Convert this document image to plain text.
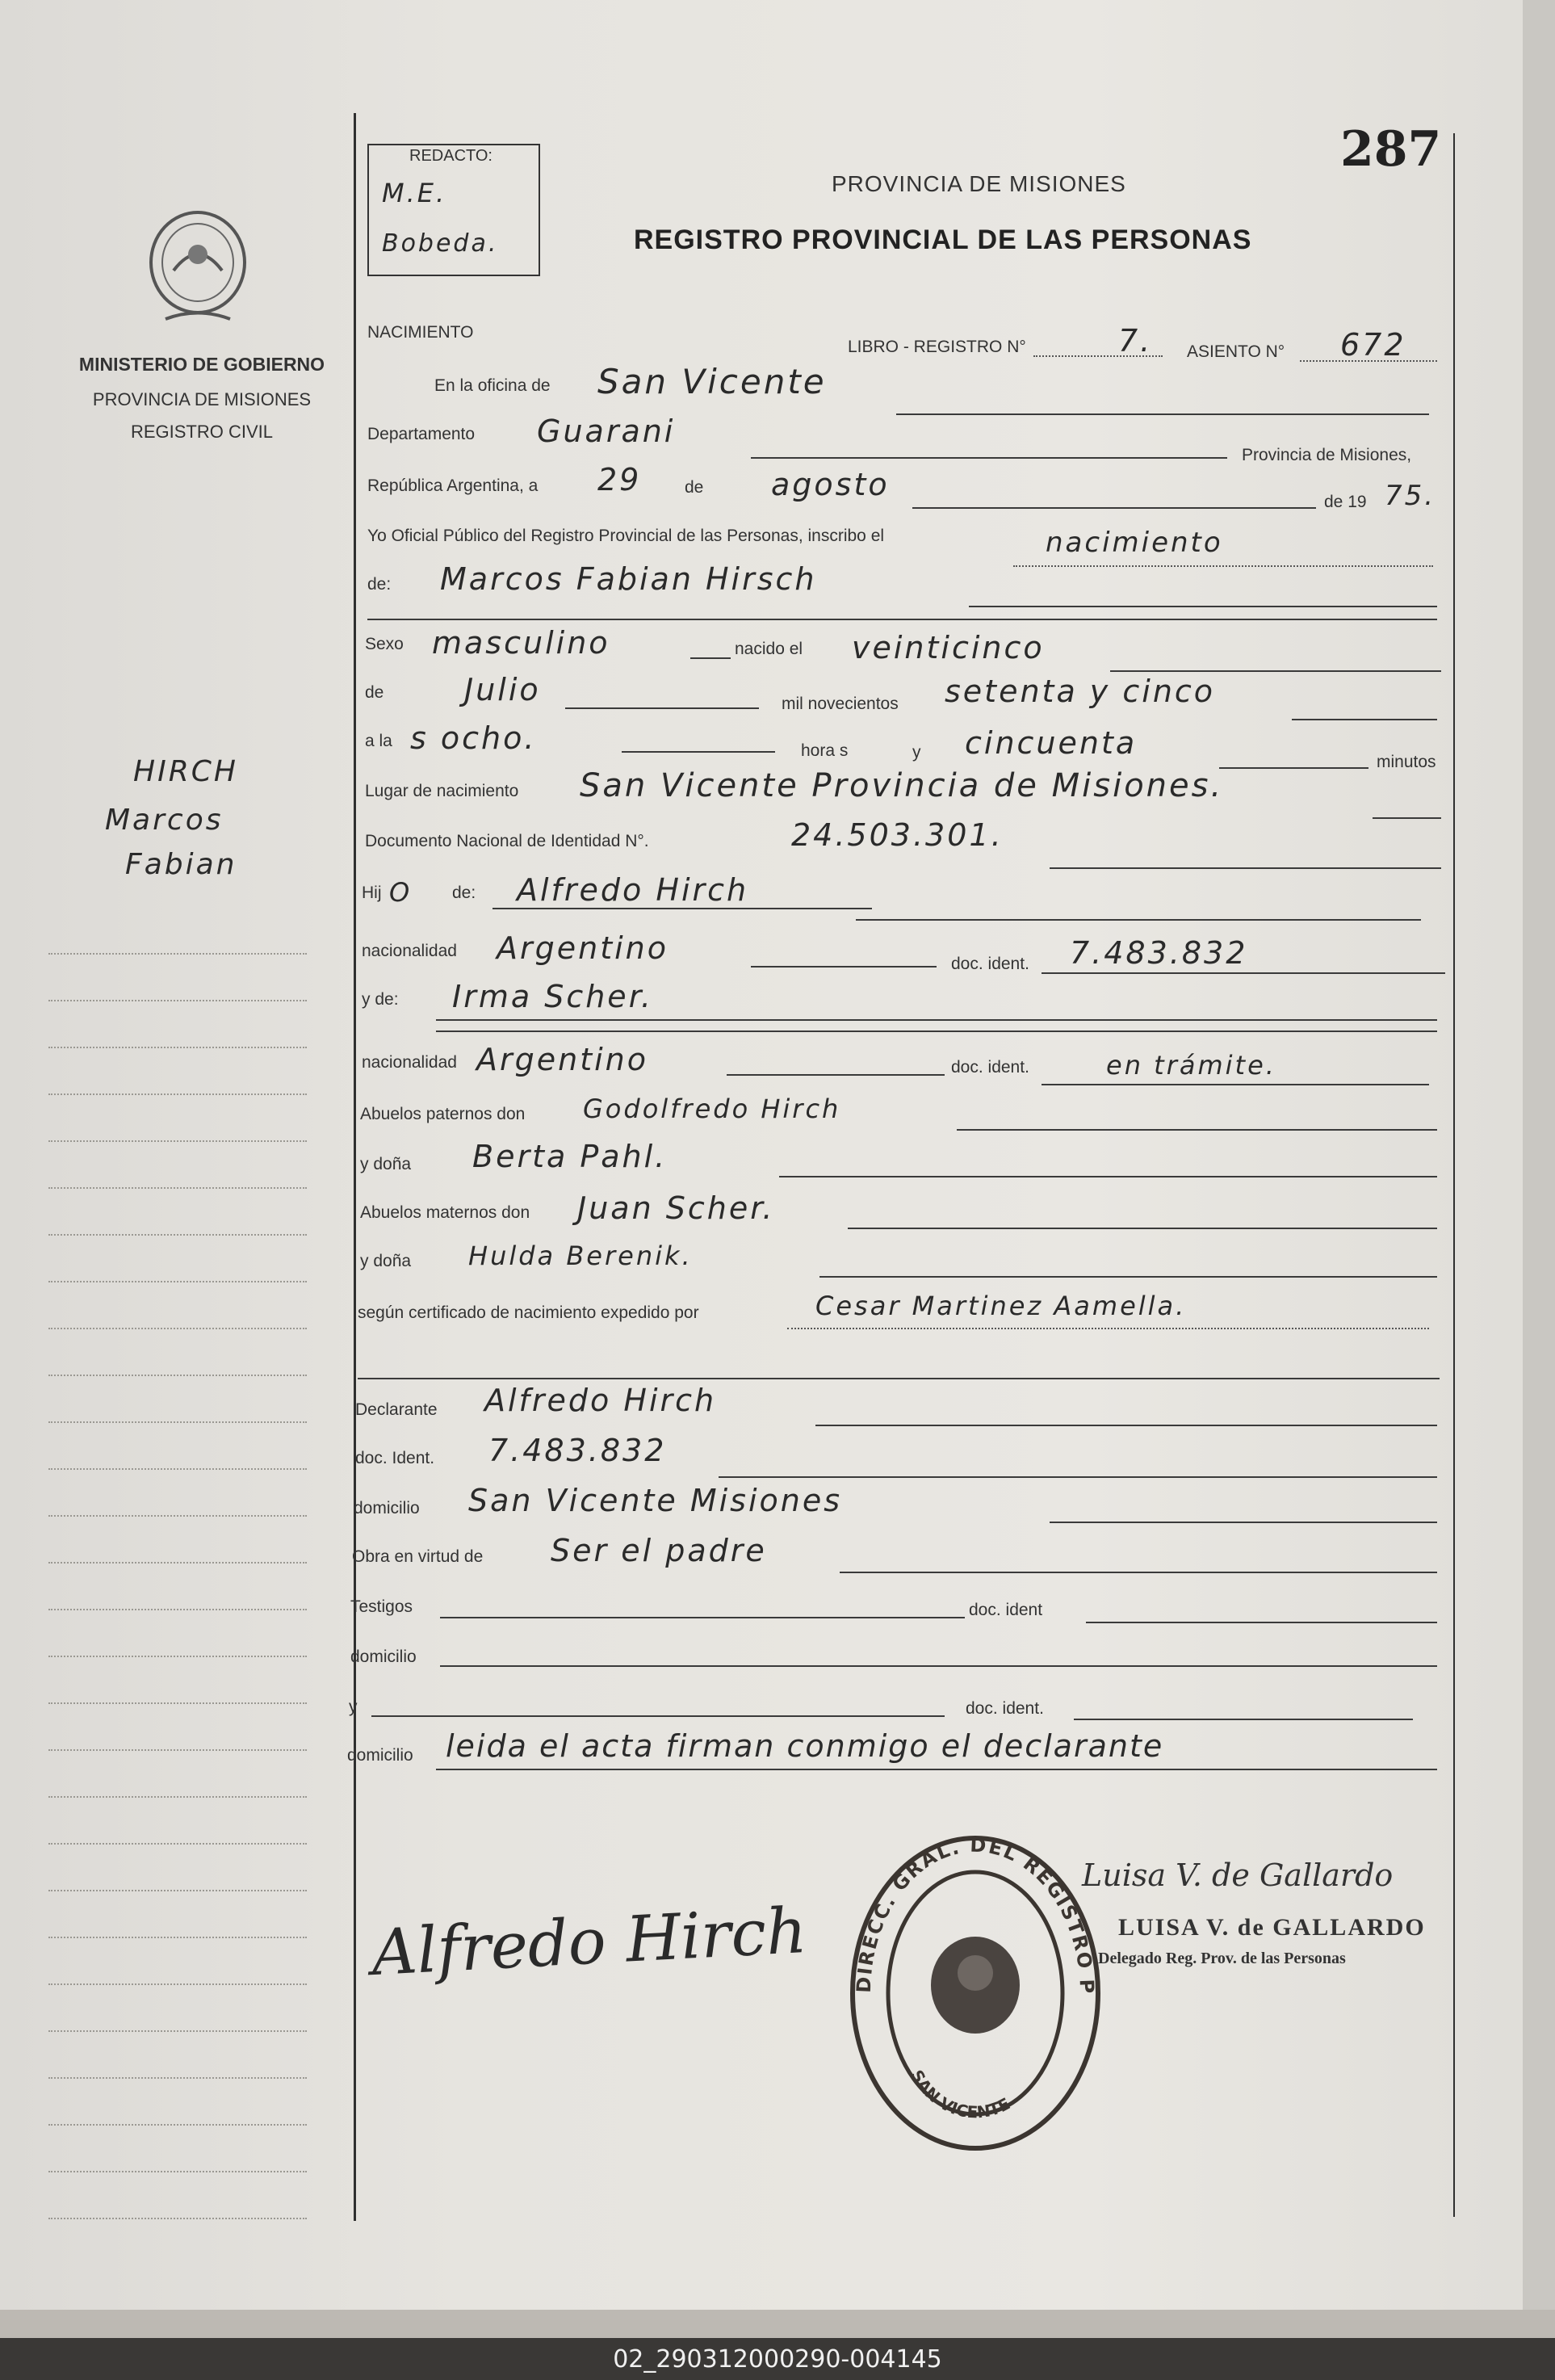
287
REDACTO:
M.E.
Bobeda.
PROVINCIA DE MISIONES
REGISTRO PROVINCIAL DE LAS PERSONAS
MINISTERIO DE GOBIERNO
PROVINCIA DE MISIONES
REGISTRO CIVIL
HIRCH
Marcos
Fabian
NACIMIENTO
LIBRO - REGISTRO N°	7. ASIENTO N° 672
En la oficina de San Vicente
Departamento Guarani
Provincia de Misiones,
República Argentina, a 29	de agosto	de 19 75.
Yo Oficial Público del Registro Provincial de las Personas, inscribo el	nacimiento
de: Marcos Fabian Hirsch
Sexo masculino	nacido el veinticinco
de	Julio	mil novecientos setenta y cinco
a la s ocho.	hora s	y cincuenta
minutos
Lugar de nacimiento San Vicente Provincia de Misiones.
Documento Nacional de Identidad N°.	24.503.301.
Hij O de: Alfredo Hirch
nacionalidad Argentino	doc. ident. 7.483.832
y de: Irma Scher.
nacionalidad Argentino	doc. ident.	en trámite.
Abuelos paternos don Godolfredo Hirch
y doña Berta Pahl.
Abuelos maternos don Juan Scher.
y doña Hulda Berenik.
según certificado de nacimiento expedido por	Cesar Martinez Aamella.
Declarante Alfredo Hirch
doc. Ident. 7.483.832
domicilio San Vicente Misiones
Obra en virtud de Ser el padre
Testigos	doc. ident
domicilio
y	doc. ident.
domicilio leida el acta firman conmigo el declarante
Alfredo Hirch
Luisa V. de Gallardo
LUISA V. de GALLARDO
Delegado Reg. Prov. de las Personas
DIRECC. GRAL. DEL REGISTRO P
SAN VICENTE
02_290312000290-004145
